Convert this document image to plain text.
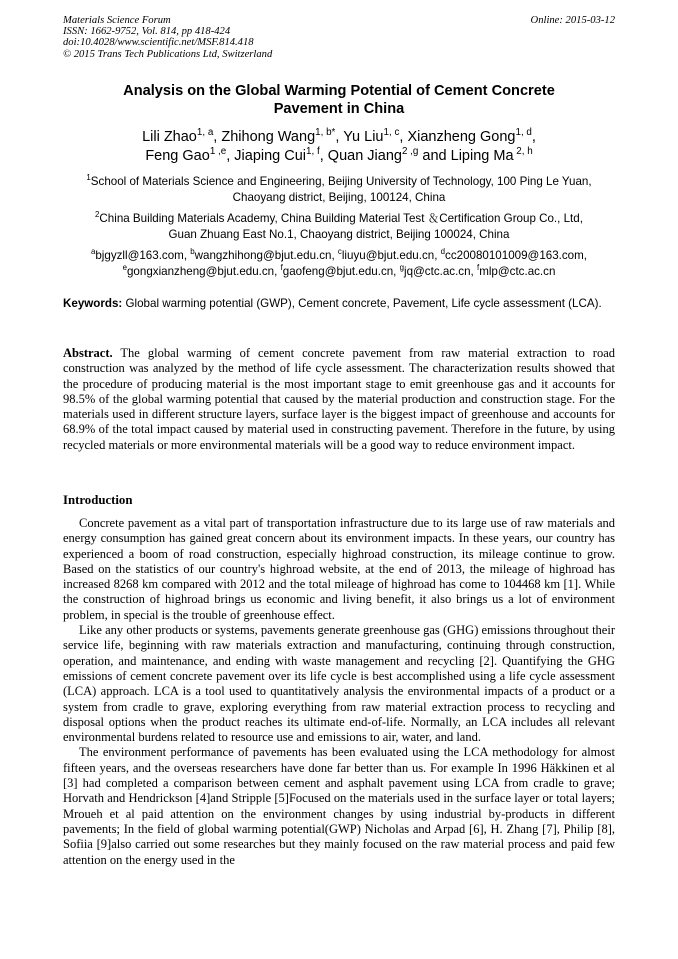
Materials Science Forum
ISSN: 1662-9752, Vol. 814, pp 418-424
doi:10.4028/www.scientific.net/MSF.814.418
© 2015 Trans Tech Publications Ltd, Switzerland
Online: 2015-03-12
Analysis on the Global Warming Potential of Cement Concrete
Pavement in China
Lili Zhao$^{1, a}$, Zhihong Wang$^{1, b*}$, Yu Liu$^{1, c}$, Xianzheng Gong$^{1, d}$,
Feng Gao$^{1 ,e}$, Jiaping Cui$^{1, f}$, Quan Jiang$^{2 ,g}$ and Liping Ma $^{2, h}$
$^1$School of Materials Science and Engineering, Beijing University of Technology, 100 Ping Le Yuan,
Chaoyang district, Beijing, 100124, China
$^2$China Building Materials Academy, China Building Material Test ＆Certification Group Co., Ltd,
Guan Zhuang East No.1, Chaoyang district, Beijing 100024, China
$^a$bjgyzll@163.com, $^b$wangzhihong@bjut.edu.cn, $^c$liuyu@bjut.edu.cn, $^d$cc20080101009@163.com,
$^e$gongxianzheng@bjut.edu.cn, $^f$gaofeng@bjut.edu.cn, $^g$jq@ctc.ac.cn, $^f$mlp@ctc.ac.cn
Keywords: Global warming potential (GWP), Cement concrete, Pavement, Life cycle assessment (LCA).
Abstract. The global warming of cement concrete pavement from raw material extraction to road construction was analyzed by the method of life cycle assessment. The characterization results showed that the procedure of producing material is the most important stage to emit greenhouse gas and it accounts for 98.5% of the global warming potential that caused by the material production and construction stage. For the materials used in different structure layers, surface layer is the biggest impact of greenhouse and accounts for 68.9% of the total impact caused by material used in constructing pavement. Therefore in the future, by using recycled materials or more environmental materials will be a good way to reduce environment impact.
Introduction

Concrete pavement as a vital part of transportation infrastructure due to its large use of raw materials and energy consumption has gained great concern about its environment impacts. In these years, our country has experienced a boom of road construction, especially highroad construction, its mileage continue to grow. Based on the statistics of our country's highroad website, at the end of 2013, the mileage of highroad has increased 8268 km compared with 2012 and the total mileage of highroad has come to 104468 km [1]. While the construction of highroad brings us economic and living benefit, it also brings us a lot of environment problem, in special is the trouble of greenhouse effect.

Like any other products or systems, pavements generate greenhouse gas (GHG) emissions throughout their service life, beginning with raw materials extraction and manufacturing, continuing through construction, operation, and maintenance, and ending with waste management and recycling [2]. Quantifying the GHG emissions of cement concrete pavement over its life cycle is best accomplished using a life cycle assessment (LCA) approach. LCA is a tool used to quantitatively analysis the environmental impacts of a product or a system from cradle to grave, exploring everything from raw material extraction process to recycling and disposal options when the product reaches its ultimate end-of-life. Normally, an LCA includes all relevant environmental burdens related to resource use and emissions to air, water, and land.

The environment performance of pavements has been evaluated using the LCA methodology for almost fifteen years, and the overseas researchers have done far better than us. For example In 1996 Häkkinen et al [3] had completed a comparison between cement and asphalt pavement using LCA from cradle to grave; Horvath and Hendrickson [4]and Stripple [5]Focused on the materials used in the surface layer or total layers; Mroueh et al paid attention on the environment changes by using industrial by-products in different pavements; In the field of global warming potential(GWP) Nicholas and Arpad [6], H. Zhang [7], Philip [8], Sofiia [9]also carried out some researches but they mainly focused on the raw material process and paid few attention on the energy used in the
